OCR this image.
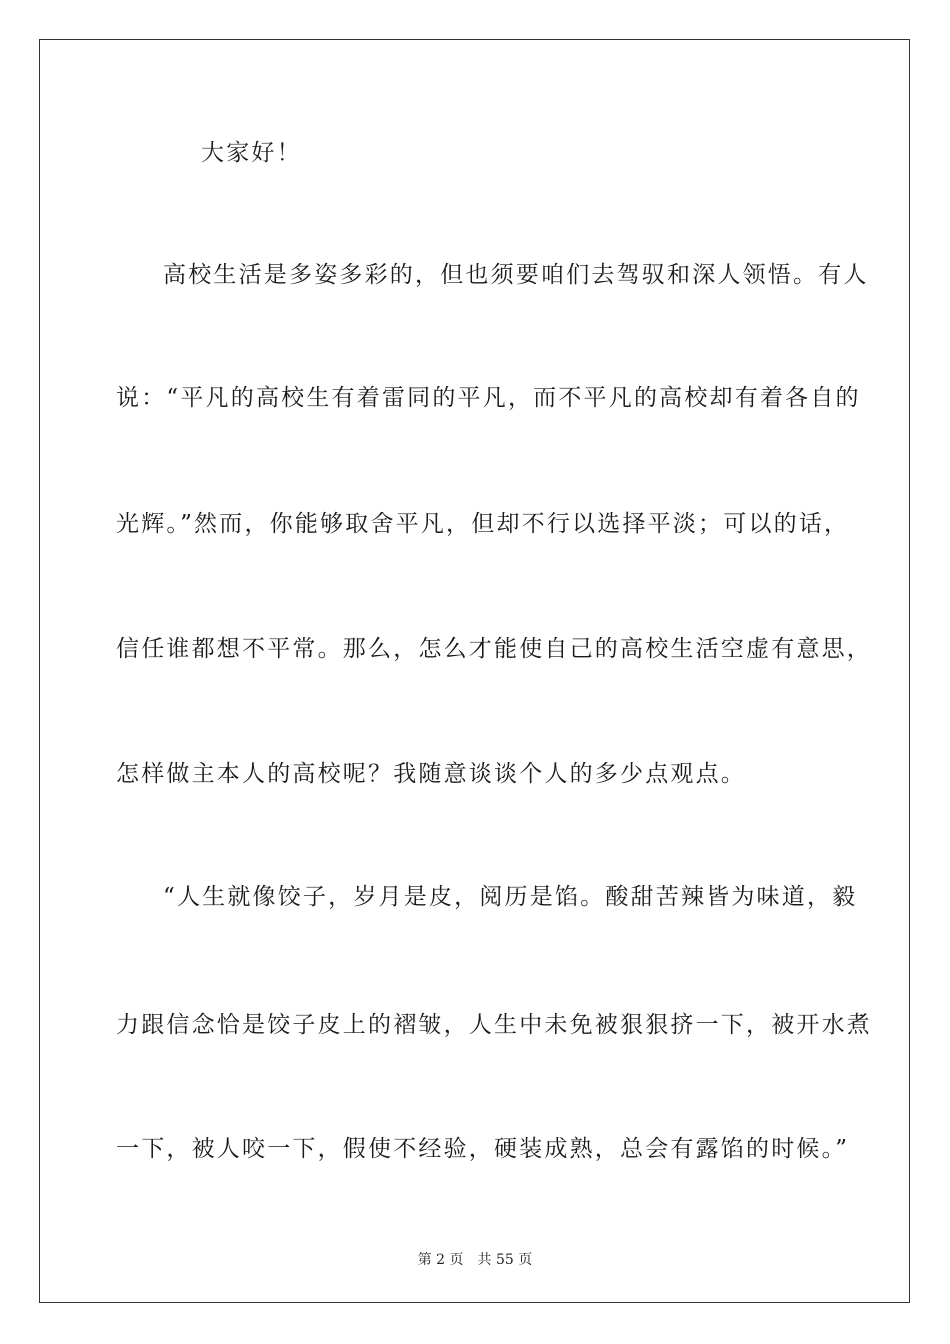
大家好！
高校生活是多姿多彩的，但也须要咱们去驾驭和深人领悟。有人
说：“平凡的高校生有着雷同的平凡，而不平凡的高校却有着各自的
光辉。”然而，你能够取舍平凡，但却不行以选择平淡；可以的话，
信任谁都想不平常。那么，怎么才能使自己的高校生活空虚有意思，
怎样做主本人的高校呢？我随意谈谈个人的多少点观点。
“人生就像饺子，岁月是皮，阅历是馅。酸甜苦辣皆为味道，毅
力跟信念恰是饺子皮上的褶皱，人生中未免被狠狠挤一下，被开水煮
一下，被人咬一下，假使不经验，硬装成熟，总会有露馅的时候。”
第 2 页　共 55 页
